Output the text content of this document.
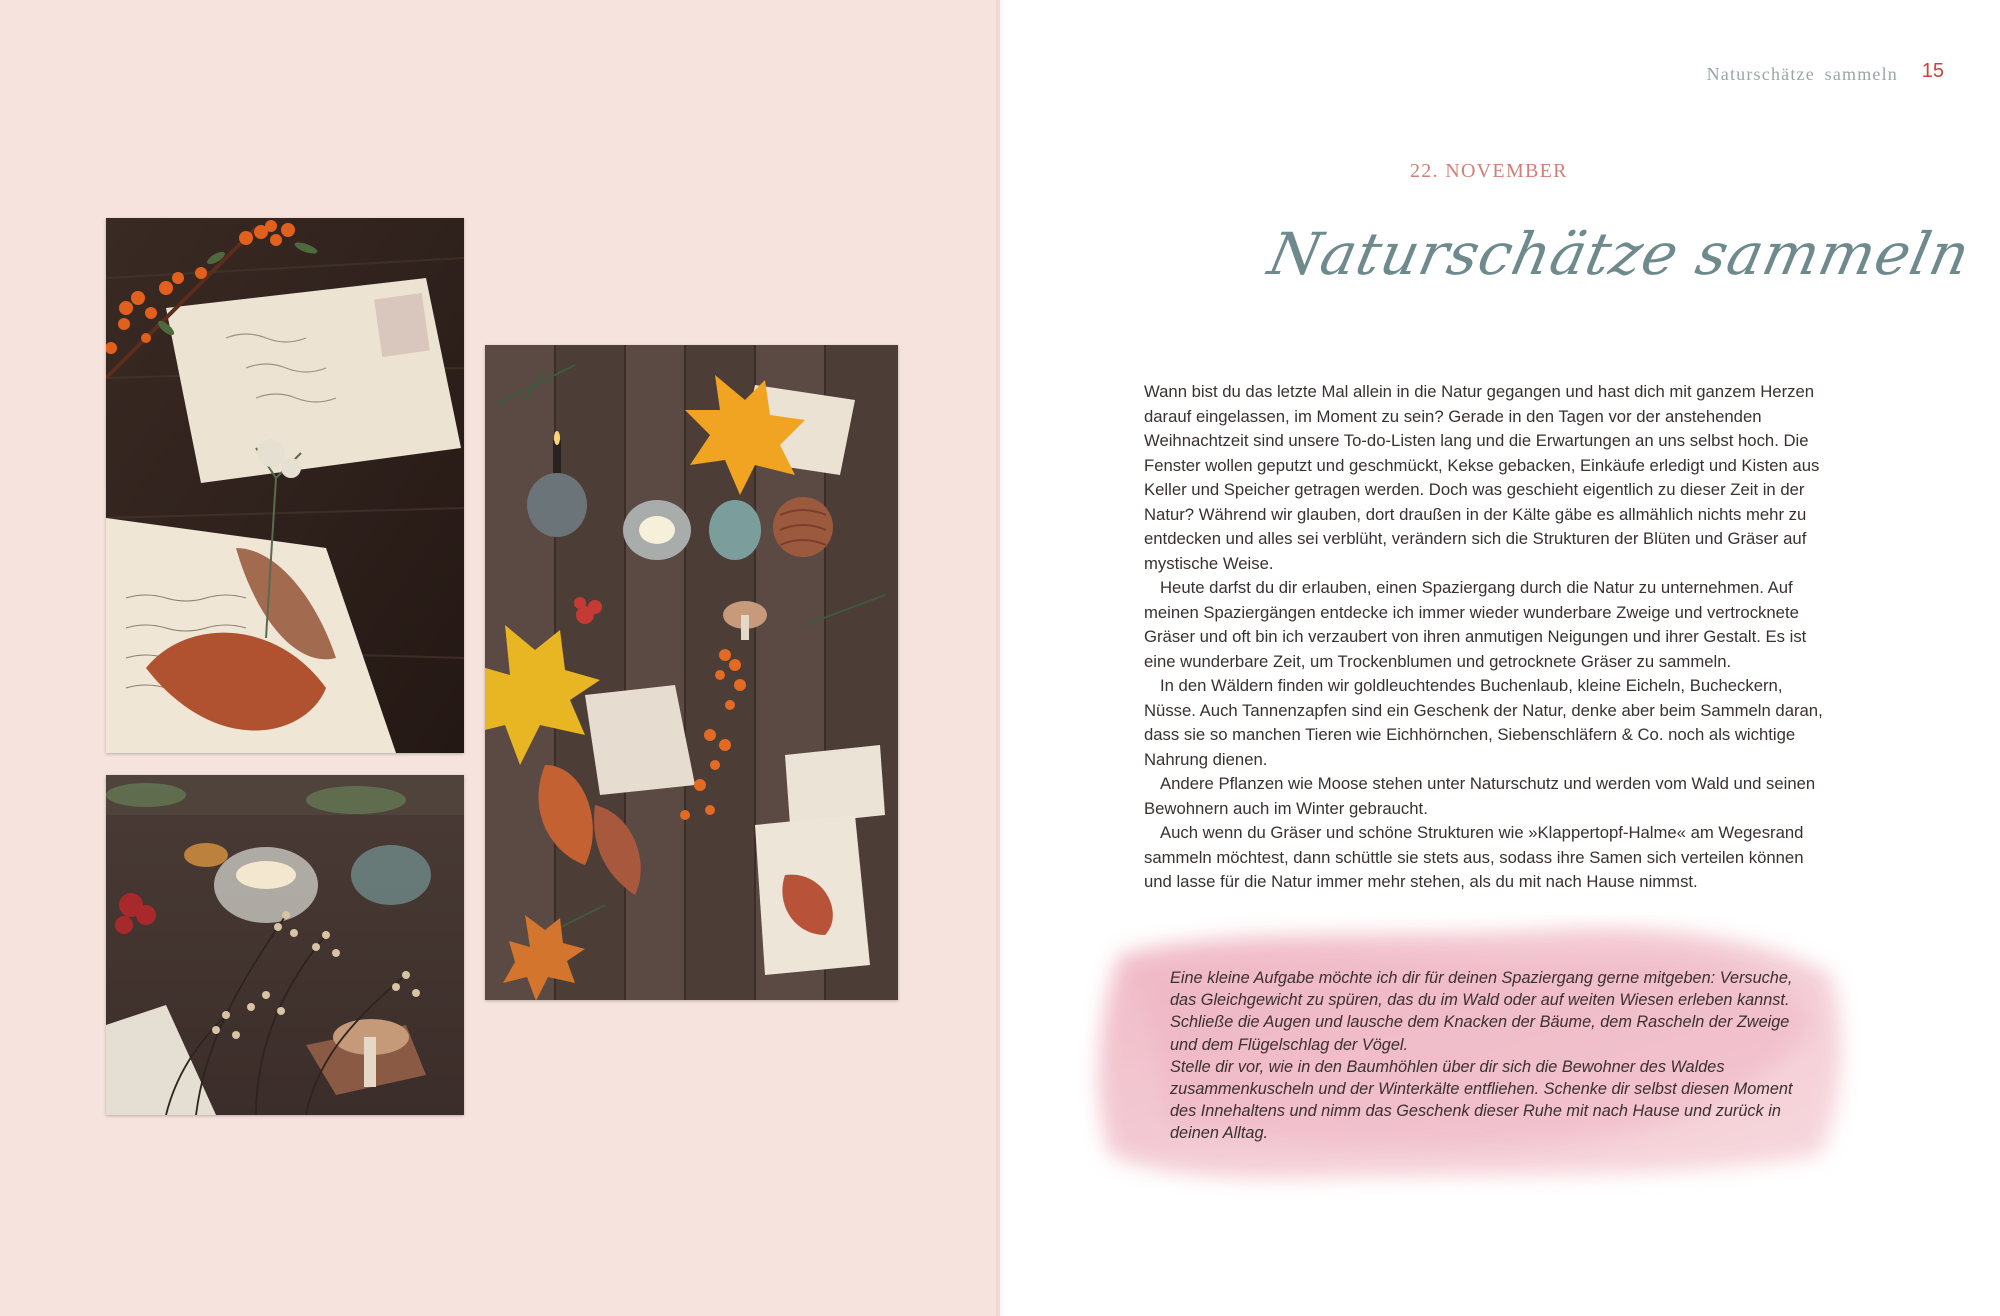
Naturschätze sammeln 15
22. NOVEMBER
Naturschätze sammeln

Wann bist du das letzte Mal allein in die Natur gegangen und hast dich mit ganzem Herzen darauf eingelassen, im Moment zu sein? Gerade in den Tagen vor der anstehenden Weihnachtzeit sind unsere To-do-Listen lang und die Erwartungen an uns selbst hoch. Die Fenster wollen geputzt und geschmückt, Kekse gebacken, Einkäufe erledigt und Kisten aus Keller und Speicher getragen werden. Doch was geschieht eigentlich zu dieser Zeit in der Natur? Während wir glauben, dort draußen in der Kälte gäbe es allmählich nichts mehr zu entdecken und alles sei verblüht, verändern sich die Strukturen der Blüten und Gräser auf mystische Weise.

Heute darfst du dir erlauben, einen Spaziergang durch die Natur zu unternehmen. Auf meinen Spaziergängen entdecke ich immer wieder wunderbare Zweige und vertrocknete Gräser und oft bin ich verzaubert von ihren anmutigen Neigungen und ihrer Gestalt. Es ist eine wunderbare Zeit, um Trockenblumen und getrocknete Gräser zu sammeln.

In den Wäldern finden wir goldleuchtendes Buchenlaub, kleine Eicheln, Bucheckern, Nüsse. Auch Tannenzapfen sind ein Geschenk der Natur, denke aber beim Sammeln daran, dass sie so manchen Tieren wie Eichhörnchen, Siebenschläfern & Co. noch als wichtige Nahrung dienen.

Andere Pflanzen wie Moose stehen unter Naturschutz und werden vom Wald und seinen Bewohnern auch im Winter gebraucht.

Auch wenn du Gräser und schöne Strukturen wie »Klappertopf-Halme« am Wegesrand sammeln möchtest, dann schüttle sie stets aus, sodass ihre Samen sich verteilen können und lasse für die Natur immer mehr stehen, als du mit nach Hause nimmst.

Eine kleine Aufgabe möchte ich dir für deinen Spaziergang gerne mitgeben: Versuche, das Gleichgewicht zu spüren, das du im Wald oder auf weiten Wiesen erleben kannst. Schließe die Augen und lausche dem Knacken der Bäume, dem Rascheln der Zweige und dem Flügelschlag der Vögel.

Stelle dir vor, wie in den Baumhöhlen über dir sich die Bewohner des Waldes zusammenkuscheln und der Winterkälte entfliehen. Schenke dir selbst diesen Moment des Innehaltens und nimm das Geschenk dieser Ruhe mit nach Hause und zurück in deinen Alltag.
